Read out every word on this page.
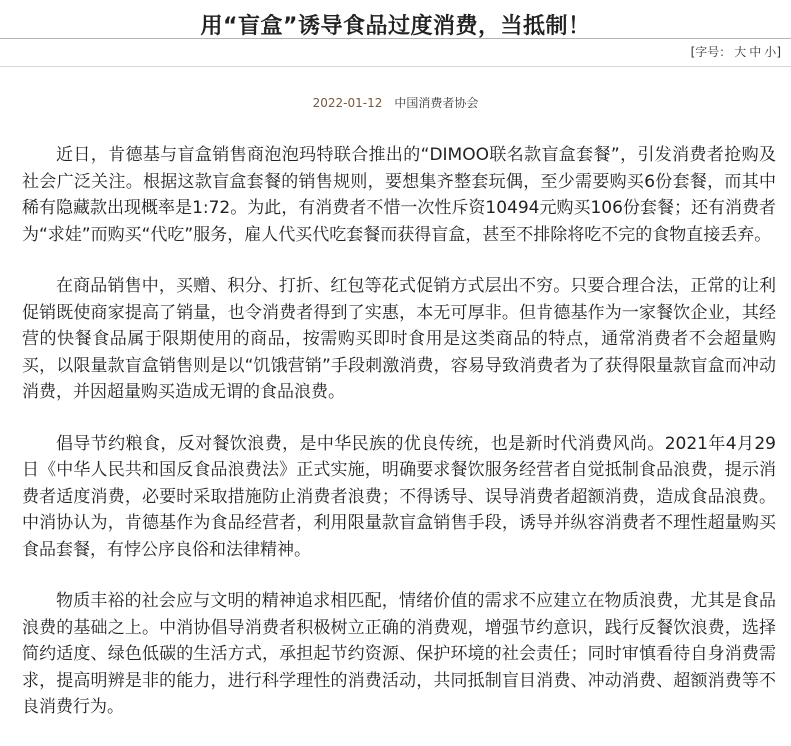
用“盲盒”诱导食品过度消费，当抵制！
[字号： 大 中 小]
2022-01-12 中国消费者协会

近日，肯德基与盲盒销售商泡泡玛特联合推出的“DIMOO联名款盲盒套餐”，引发消费者抢购及社会广泛关注。根据这款盲盒套餐的销售规则，要想集齐整套玩偶，至少需要购买6份套餐，而其中稀有隐藏款出现概率是1:72。为此，有消费者不惜一次性斥资10494元购买106份套餐；还有消费者为“求娃”而购买“代吃”服务，雇人代买代吃套餐而获得盲盒，甚至不排除将吃不完的食物直接丢弃。

在商品销售中，买赠、积分、打折、红包等花式促销方式层出不穷。只要合理合法，正常的让利促销既使商家提高了销量，也令消费者得到了实惠，本无可厚非。但肯德基作为一家餐饮企业，其经营的快餐食品属于限期使用的商品，按需购买即时食用是这类商品的特点，通常消费者不会超量购买，以限量款盲盒销售则是以“饥饿营销”手段刺激消费，容易导致消费者为了获得限量款盲盒而冲动消费，并因超量购买造成无谓的食品浪费。

倡导节约粮食，反对餐饮浪费，是中华民族的优良传统，也是新时代消费风尚。2021年4月29日《中华人民共和国反食品浪费法》正式实施，明确要求餐饮服务经营者自觉抵制食品浪费，提示消费者适度消费，必要时采取措施防止消费者浪费；不得诱导、误导消费者超额消费，造成食品浪费。中消协认为，肯德基作为食品经营者，利用限量款盲盒销售手段，诱导并纵容消费者不理性超量购买食品套餐，有悖公序良俗和法律精神。

物质丰裕的社会应与文明的精神追求相匹配，情绪价值的需求不应建立在物质浪费，尤其是食品浪费的基础之上。中消协倡导消费者积极树立正确的消费观，增强节约意识，践行反餐饮浪费，选择简约适度、绿色低碳的生活方式，承担起节约资源、保护环境的社会责任；同时审慎看待自身消费需求，提高明辨是非的能力，进行科学理性的消费活动，共同抵制盲目消费、冲动消费、超额消费等不良消费行为。
